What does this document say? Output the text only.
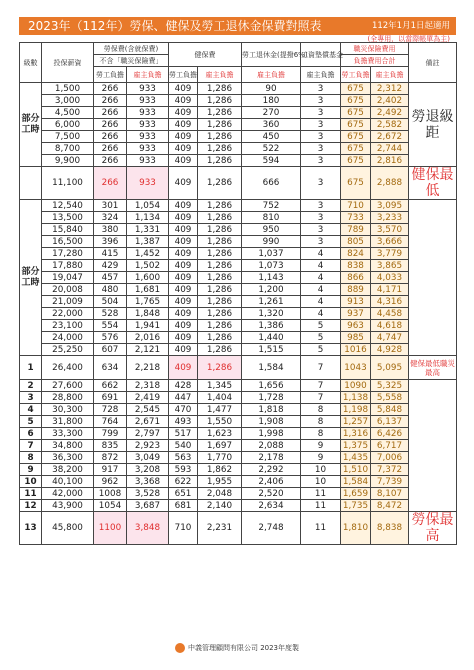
2023年（112年）勞保、健保及勞工退休金保費對照表	112年1月1日起適用
(全專用，以當際帳單為主)
級數	投保薪資	勞保費(含就保費)		健保費		勞工退休金(提撥6%)	工資墊償基金	職災保險費用		備註
		不含「職災保險費」						負擔費用合計		
		勞工負擔	雇主負擔	勞工負擔	雇主負擔	雇主負擔	雇主負擔	勞工負擔	雇主負擔	
部分工時	1,500	266	933	409	1,286	90	3	675	2,312	勞退級距
	3,000	266	933	409	1,286	180	3	675	2,402	
	4,500	266	933	409	1,286	270	3	675	2,492	
	6,000	266	933	409	1,286	360	3	675	2,582	
	7,500	266	933	409	1,286	450	3	675	2,672	
	8,700	266	933	409	1,286	522	3	675	2,744	
	9,900	266	933	409	1,286	594	3	675	2,816	
	11,100	266	933	409	1,286	666	3	675	2,888	健保最低
部分工時	12,540	301	1,054	409	1,286	752	3	710	3,095	
	13,500	324	1,134	409	1,286	810	3	733	3,233	
	15,840	380	1,331	409	1,286	950	3	789	3,570	
	16,500	396	1,387	409	1,286	990	3	805	3,666	
	17,280	415	1,452	409	1,286	1,037	4	824	3,779	
	17,880	429	1,502	409	1,286	1,073	4	838	3,865	
	19,047	457	1,600	409	1,286	1,143	4	866	4,033	
	20,008	480	1,681	409	1,286	1,200	4	889	4,171	
	21,009	504	1,765	409	1,286	1,261	4	913	4,316	
	22,000	528	1,848	409	1,286	1,320	4	937	4,458	
	23,100	554	1,941	409	1,286	1,386	5	963	4,618	
	24,000	576	2,016	409	1,286	1,440	5	985	4,747	
	25,250	607	2,121	409	1,286	1,515	5	1016	4,928	
1	26,400	634	2,218	409	1,286	1,584	7	1043	5,095	健保最低職災最高
2	27,600	662	2,318	428	1,345	1,656	7	1090	5,325	
3	28,800	691	2,419	447	1,404	1,728	7	1,138	5,558	
4	30,300	728	2,545	470	1,477	1,818	8	1,198	5,848	
5	31,800	764	2,671	493	1,550	1,908	8	1,257	6,137	
6	33,300	799	2,797	517	1,623	1,998	8	1,316	6,426	
7	34,800	835	2,923	540	1,697	2,088	9	1,375	6,717	
8	36,300	872	3,049	563	1,770	2,178	9	1,435	7,006	
9	38,200	917	3,208	593	1,862	2,292	10	1,510	7,372	
10	40,100	962	3,368	622	1,955	2,406	10	1,584	7,739	
11	42,000	1008	3,528	651	2,048	2,520	11	1,659	8,107	
12	43,900	1054	3,687	681	2,140	2,634	11	1,735	8,472	
13	45,800	1100	3,848	710	2,231	2,748	11	1,810	8,838	勞保最高
中義管理顧問有限公司 2023年度製
